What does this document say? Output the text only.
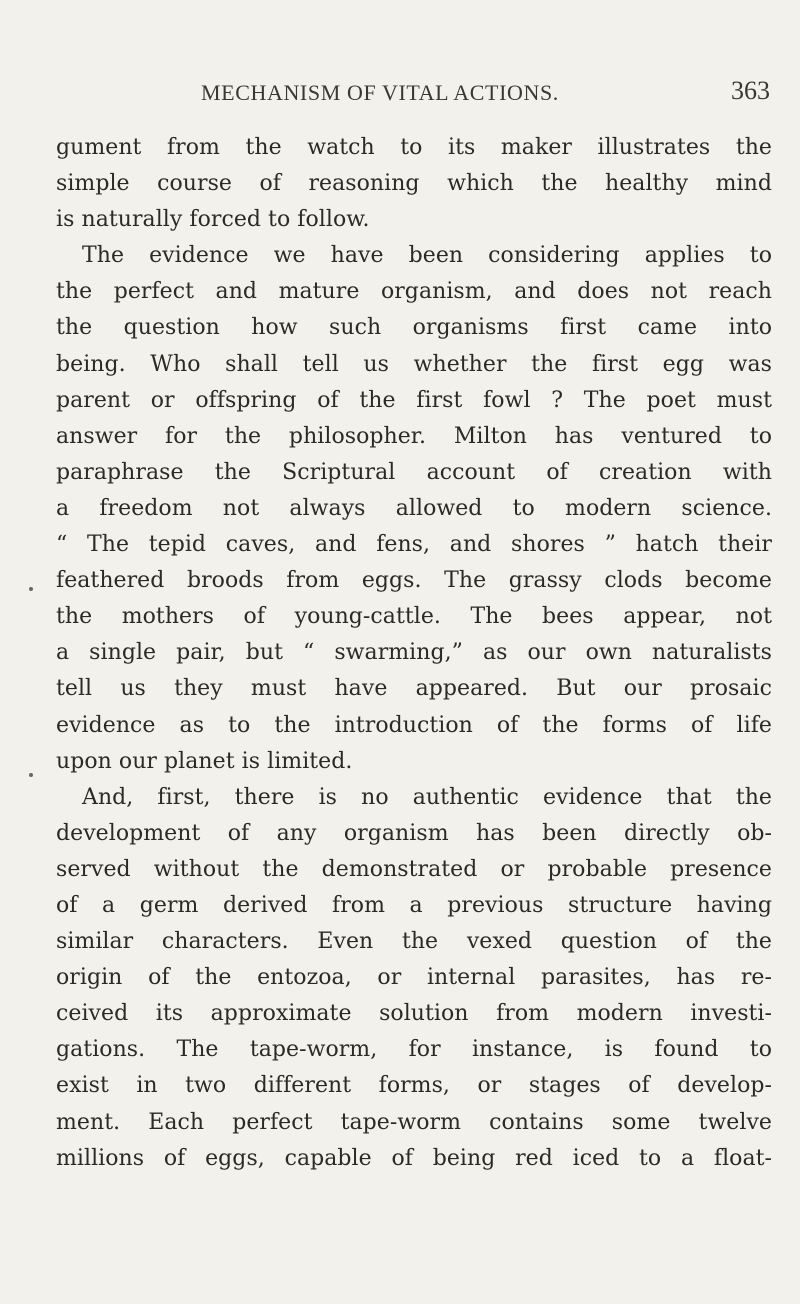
MECHANISM OF VITAL ACTIONS.	363
gument from the watch to its maker illustrates the
simple course of reasoning which the healthy mind
is naturally forced to follow.
The evidence we have been considering applies to
the perfect and mature organism, and does not reach
the question how such organisms first came into
being. Who shall tell us whether the first egg was
parent or offspring of the first fowl ? The poet must
answer for the philosopher. Milton has ventured to
paraphrase the Scriptural account of creation with
a freedom not always allowed to modern science.
“ The tepid caves, and fens, and shores ” hatch their
feathered broods from eggs. The grassy clods become
the mothers of young-cattle. The bees appear, not
a single pair, but “ swarming,” as our own naturalists
tell us they must have appeared. But our prosaic
evidence as to the introduction of the forms of life
upon our planet is limited.
And, first, there is no authentic evidence that the
development of any organism has been directly ob-
served without the demonstrated or probable presence
of a germ derived from a previous structure having
similar characters. Even the vexed question of the
origin of the entozoa, or internal parasites, has re-
ceived its approximate solution from modern investi-
gations. The tape-worm, for instance, is found to
exist in two different forms, or stages of develop-
ment. Each perfect tape-worm contains some twelve
millions of eggs, capable of being red iced to a float-
